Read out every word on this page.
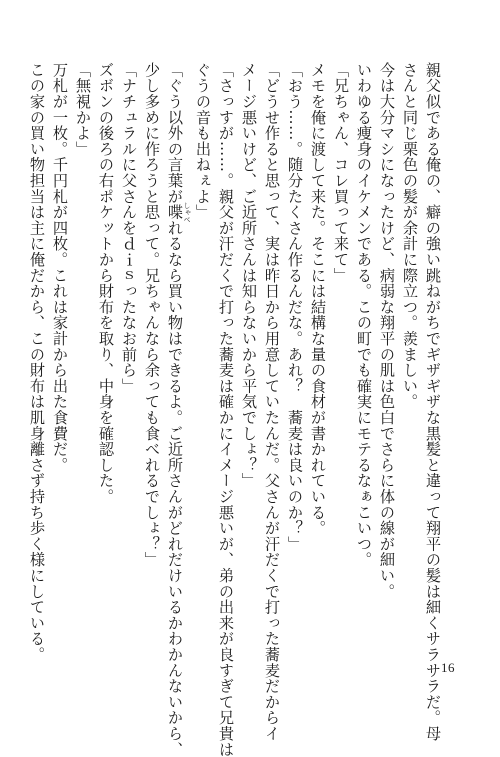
親父似である俺の、癖の強い跳ねがちでギザギザな黒髪と違って翔平の髪は細くサラサラだ。母
さんと同じ栗色の髪が余計に際立つ。羨ましい。
今は大分マシになったけど、病弱な翔平の肌は色白でさらに体の線が細い。
いわゆる痩身のイケメンである。この町でも確実にモテるなぁこいつ。
「兄ちゃん、コレ買って来て」
メモを俺に渡して来た。そこには結構な量の食材が書かれている。
「おう……。随分たくさん作るんだな。あれ？　蕎麦は良いのか？」
「どうせ作ると思って、実は昨日から用意していたんだ。父さんが汗だくで打った蕎麦だからイ
メージ悪いけど、ご近所さんは知らないから平気でしょ？」
「さっすが……。親父が汗だくで打った蕎麦は確かにイメージ悪いが、弟の出来が良すぎて兄貴は
ぐうの音も出ねぇよ」
「ぐう以外の言葉が喋 しゃべれるなら買い物はできるよ。ご近所さんがどれだけいるかわかんないから、
少し多めに作ろうと思って。兄ちゃんなら余っても食べれるでしょ？」
「ナチュラルに父さんをｄｉｓったなお前ら」
ズボンの後ろの右ポケットから財布を取り、中身を確認した。
「無視かよ」
万札が一枚。千円札が四枚。これは家計から出た食費だ。
この家の買い物担当は主に俺だから、この財布は肌身離さず持ち歩く様にしている。
16
